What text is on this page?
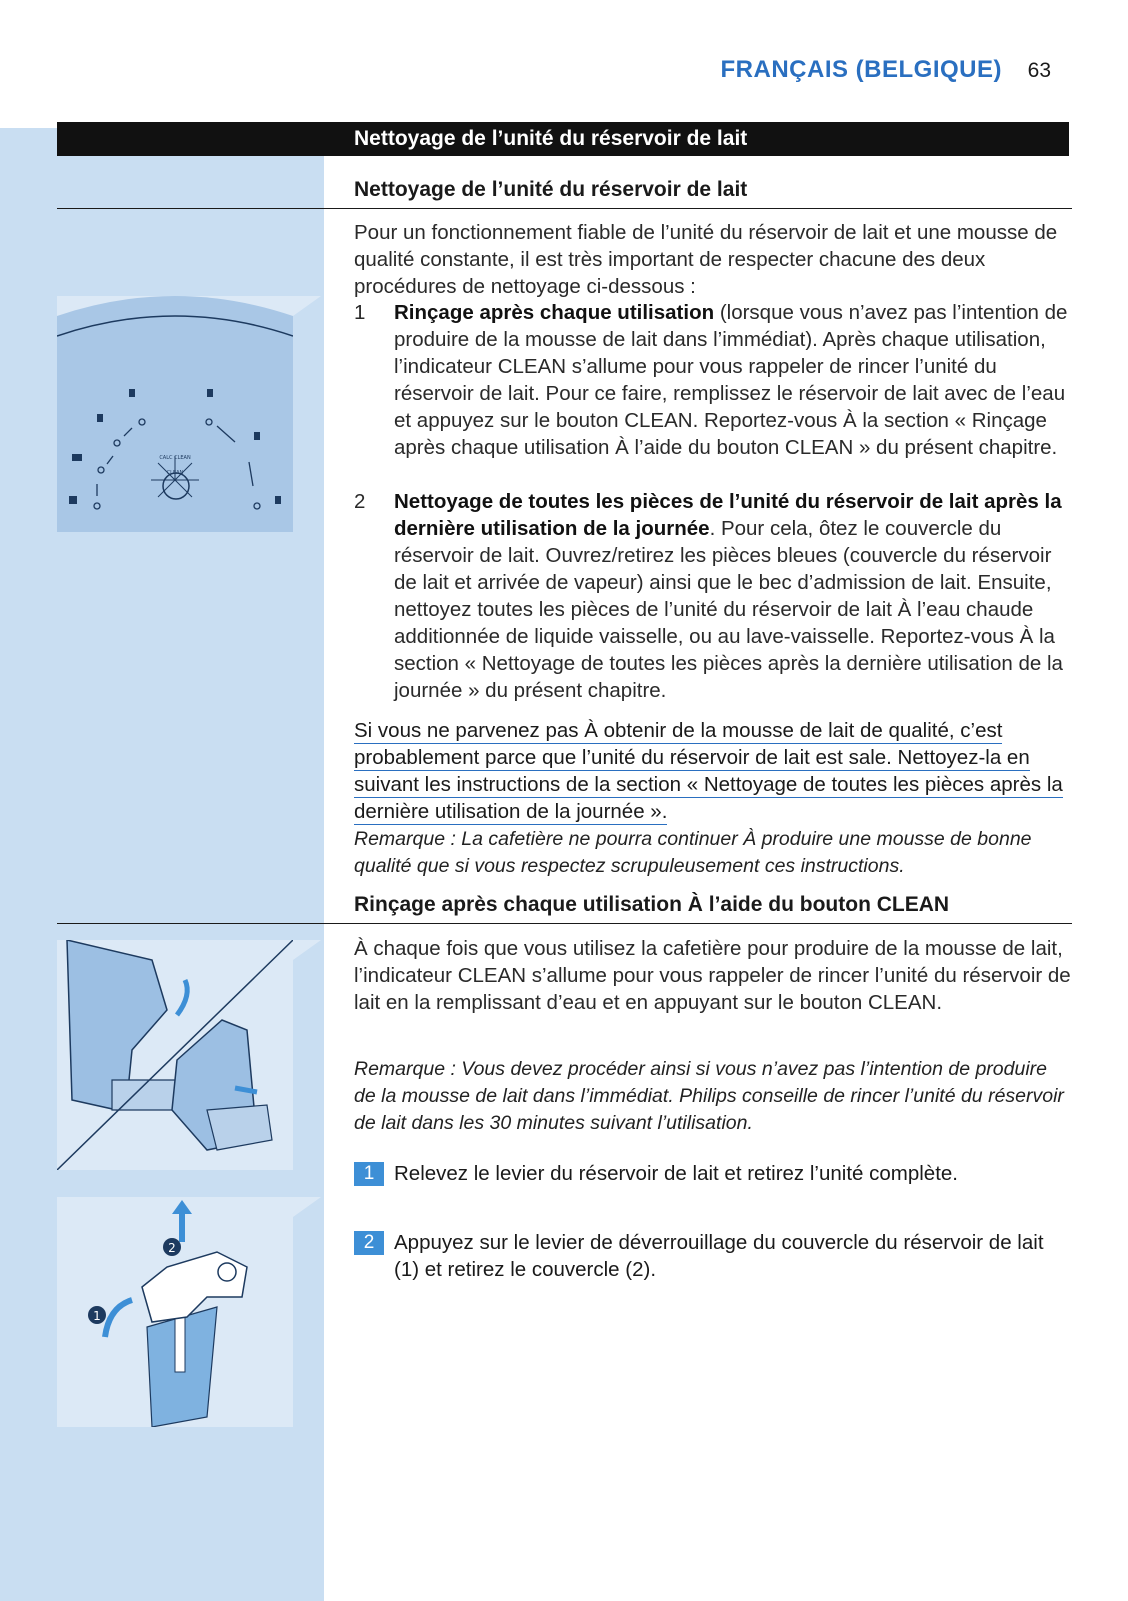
FRANÇAIS (BELGIQUE) 63
Nettoyage de l’unité du réservoir de lait
Nettoyage de l’unité du réservoir de lait
Pour un fonctionnement fiable de l’unité du réservoir de lait et une mousse de qualité constante, il est très important de respecter chacune des deux procédures de nettoyage ci-dessous :
1 Rinçage après chaque utilisation (lorsque vous n’avez pas l’intention de produire de la mousse de lait dans l’immédiat). Après chaque utilisation, l’indicateur CLEAN s’allume pour vous rappeler de rincer l’unité du réservoir de lait. Pour ce faire, remplissez le réservoir de lait avec de l’eau et appuyez sur le bouton CLEAN. Reportez-vous À la section « Rinçage après chaque utilisation À l’aide du bouton CLEAN » du présent chapitre.
2 Nettoyage de toutes les pièces de l’unité du réservoir de lait après la dernière utilisation de la journée. Pour cela, ôtez le couvercle du réservoir de lait. Ouvrez/retirez les pièces bleues (couvercle du réservoir de lait et arrivée de vapeur) ainsi que le bec d’admission de lait. Ensuite, nettoyez toutes les pièces de l’unité du réservoir de lait À l’eau chaude additionnée de liquide vaisselle, ou au lave-vaisselle. Reportez-vous À la section « Nettoyage de toutes les pièces après la dernière utilisation de la journée » du présent chapitre.
Si vous ne parvenez pas À obtenir de la mousse de lait de qualité, c’est probablement parce que l’unité du réservoir de lait est sale. Nettoyez-la en suivant les instructions de la section « Nettoyage de toutes les pièces après la dernière utilisation de la journée ».
Remarque : La cafetière ne pourra continuer À produire une mousse de bonne qualité que si vous respectez scrupuleusement ces instructions.
Rinçage après chaque utilisation À l’aide du bouton CLEAN
À chaque fois que vous utilisez la cafetière pour produire de la mousse de lait, l’indicateur CLEAN s’allume pour vous rappeler de rincer l’unité du réservoir de lait en la remplissant d’eau et en appuyant sur le bouton CLEAN.
Remarque : Vous devez procéder ainsi si vous n’avez pas l’intention de produire de la mousse de lait dans l’immédiat. Philips conseille de rincer l’unité du réservoir de lait dans les 30 minutes suivant l’utilisation.
1 Relevez le levier du réservoir de lait et retirez l’unité complète.
2 Appuyez sur le levier de déverrouillage du couvercle du réservoir de lait (1) et retirez le couvercle (2).
CALC CLEAN
CLEAN
2
1
